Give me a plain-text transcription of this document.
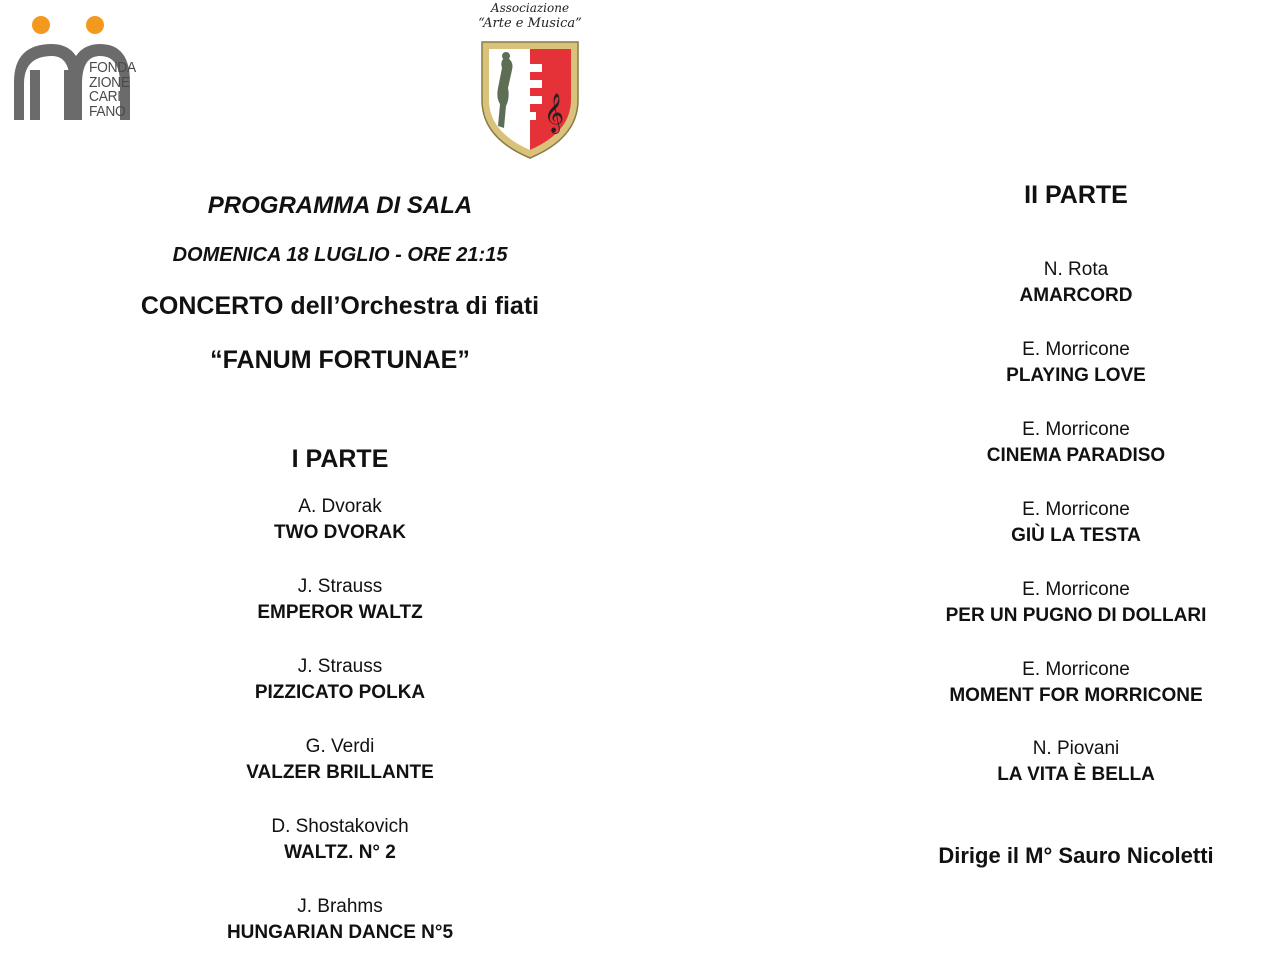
FONDA
ZIONE
CARI
FANO
Associazione
“Arte e Musica”
𝄞
PROGRAMMA DI SALA
DOMENICA 18 LUGLIO - ORE 21:15
CONCERTO dell’Orchestra di fiati
“FANUM FORTUNAE”
I PARTE
A. Dvorak
TWO DVORAK
J. Strauss
EMPEROR WALTZ
J. Strauss
PIZZICATO POLKA
G. Verdi
VALZER BRILLANTE
D. Shostakovich
WALTZ. N° 2
J. Brahms
HUNGARIAN DANCE N°5
II PARTE
N. Rota
AMARCORD
E. Morricone
PLAYING LOVE
E. Morricone
CINEMA PARADISO
E. Morricone
GIÙ LA TESTA
E. Morricone
PER UN PUGNO DI DOLLARI
E. Morricone
MOMENT FOR MORRICONE
N. Piovani
LA VITA È BELLA
Dirige il M° Sauro Nicoletti
